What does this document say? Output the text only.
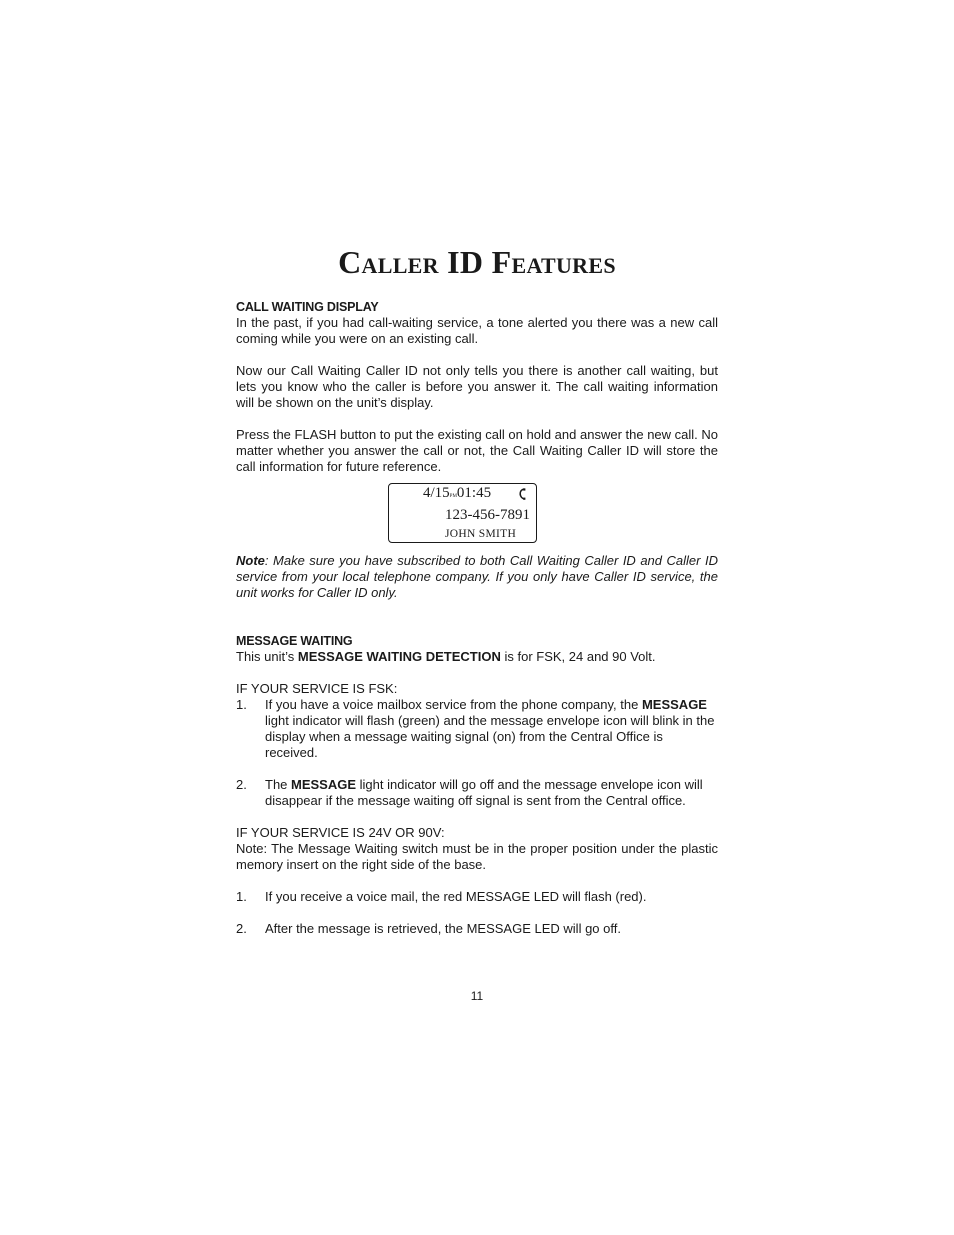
Caller ID Features

CALL WAITING DISPLAY

In the past, if you had call-waiting service, a tone alerted you there was a new call coming while you were on an existing call.

Now our Call Waiting Caller ID not only tells you there is another call waiting, but lets you know who the caller is before you answer it. The call waiting information will be shown on the unit’s display.

Press the FLASH button to put the existing call on hold and answer the new call. No matter whether you answer the call or not, the Call Waiting Caller ID will store the call information for future reference.

4/15PM01:45
123-456-7891
JOHN SMITH

Note: Make sure you have subscribed to both Call Waiting Caller ID and Caller ID service from your local telephone company. If you only have Caller ID service, the unit works for Caller ID only.

MESSAGE WAITING

This unit’s MESSAGE WAITING DETECTION is for FSK, 24 and 90 Volt.

IF YOUR SERVICE IS FSK:

1.	If you have a voice mailbox service from the phone company, the MESSAGE light indicator will flash (green) and the message envelope icon will blink in the display when a message waiting signal (on) from the Central Office is received.
2.	The MESSAGE light indicator will go off and the message envelope icon will disappear if the message waiting off signal is sent from the Central office.

IF YOUR SERVICE IS 24V OR 90V:

Note: The Message Waiting switch must be in the proper position under the plastic memory insert on the right side of the base.

1.	If you receive a voice mail, the red MESSAGE LED will flash (red).
2.	After the message is retrieved, the MESSAGE LED will go off.
11
